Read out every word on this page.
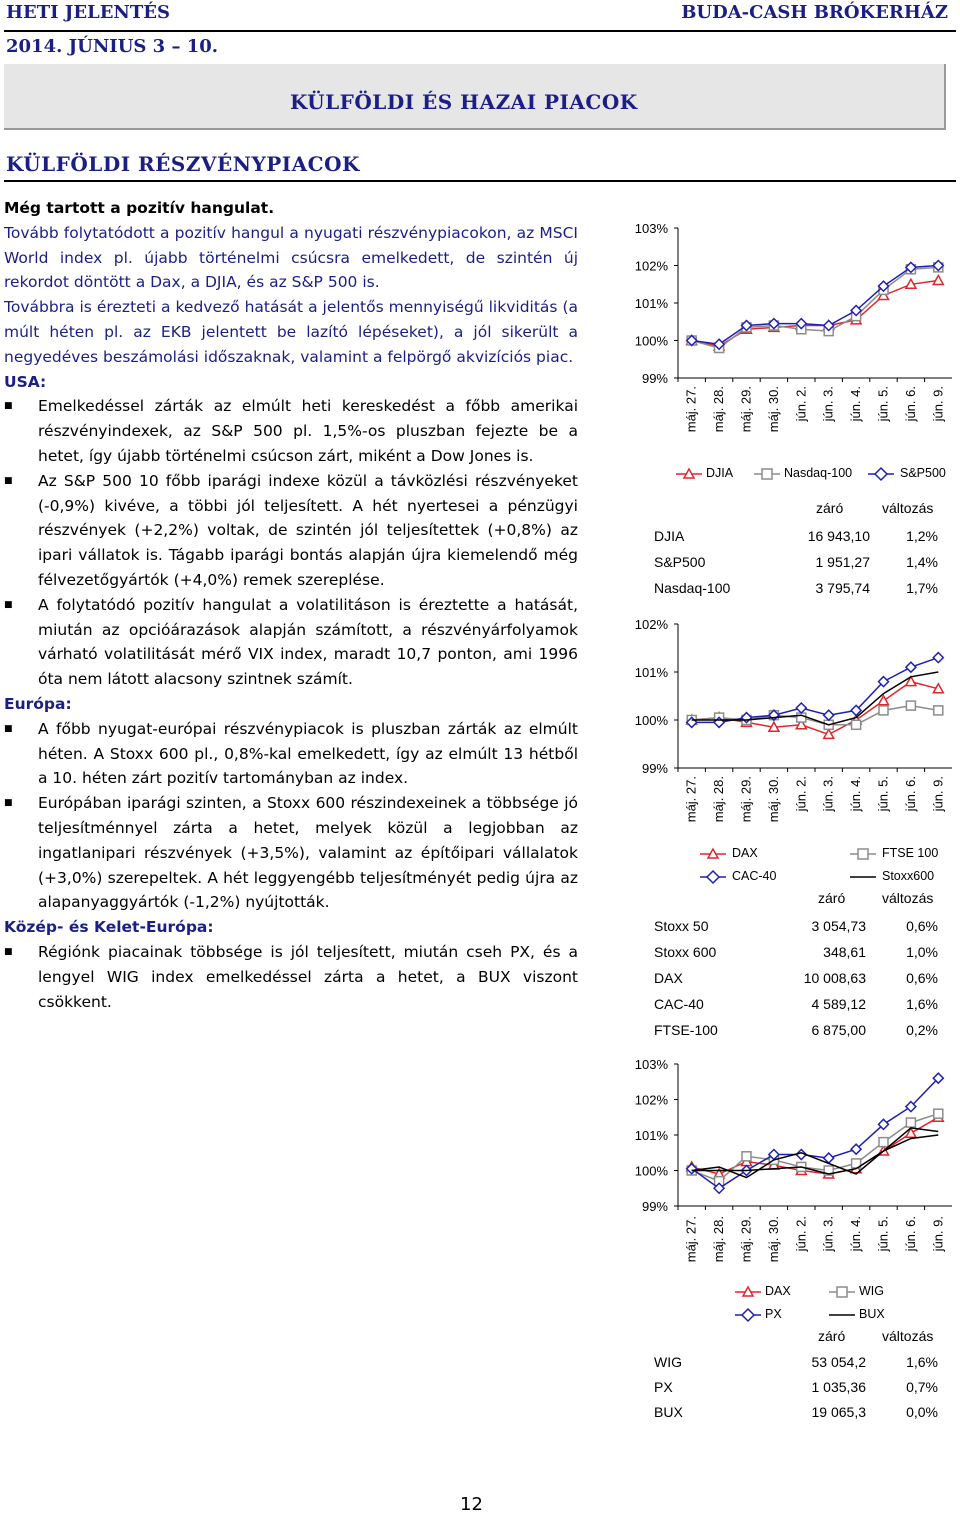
HETI JELENTÉS	BUDA-CASH BRÓKERHÁZ
2014. JÚNIUS 3 – 10.
KÜLFÖLDI ÉS HAZAI PIACOK
KÜLFÖLDI RÉSZVÉNYPIACOK

Még tartott a pozitív hangulat.

Tovább folytatódott a pozitív hangul a nyugati részvénypiacokon, az MSCI World index pl. újabb történelmi csúcsra emelkedett, de szintén új rekordot döntött a Dax, a DJIA, és az S&P 500 is.

Továbbra is érezteti a kedvező hatását a jelentős mennyiségű likviditás (a múlt héten pl. az EKB jelentett be lazító lépéseket), a jól sikerült a negyedéves beszámolási időszaknak, valamint a felpörgő akvizíciós piac.

USA:

■ Emelkedéssel zárták az elmúlt heti kereskedést a főbb amerikai részvényindexek, az S&P 500 pl. 1,5%-os pluszban fejezte be a hetet, így újabb történelmi csúcson zárt, miként a Dow Jones is.

■ Az S&P 500 10 főbb iparági indexe közül a távközlési részvényeket (-0,9%) kivéve, a többi jól teljesített. A hét nyertesei a pénzügyi részvények (+2,2%) voltak, de szintén jól teljesítettek (+0,8%) az ipari vállatok is. Tágabb iparági bontás alapján újra kiemelendő még félvezetőgyártók (+4,0%) remek szereplése.

■ A folytatódó pozitív hangulat a volatilitáson is éreztette a hatását, miután az opcióárazások alapján számított, a részvényárfolyamok várható volatilitását mérő VIX index, maradt 10,7 ponton, ami 1996 óta nem látott alacsony szintnek számít.

Európa:

■ A főbb nyugat-európai részvénypiacok is pluszban zárták az elmúlt héten. A Stoxx 600 pl., 0,8%-kal emelkedett, így az elmúlt 13 hétből a 10. héten zárt pozitív tartományban az index.

■ Európában iparági szinten, a Stoxx 600 részindexeinek a többsége jó teljesítménnyel zárta a hetet, melyek közül a legjobban az ingatlanipari részvények (+3,5%), valamint az építőipari vállalatok (+3,0%) szerepeltek. A hét leggyengébb teljesítményét pedig újra az alapanyaggyártók (-1,2%) nyújtották.

Közép- és Kelet-Európa:

■ Régiónk piacainak többsége is jól teljesített, miután cseh PX, és a lengyel WIG index emelkedéssel zárta a hetet, a BUX viszont csökkent.

99%
100%
101%
102%
103%
máj. 27. máj. 28. máj. 29. máj. 30. jún. 2. jún. 3. jún. 4. jún. 5. jún. 6. jún. 9.
DJIA	Nasdaq-100	S&P500
záró	változás
DJIA	16 943,10	1,2%
S&P500	1 951,27	1,4%
Nasdaq-100	3 795,74	1,7%
99%
100%
101%
102%
máj. 27. máj. 28. máj. 29. máj. 30. jún. 2. jún. 3. jún. 4. jún. 5. jún. 6. jún. 9.
DAX	FTSE 100
CAC-40	Stoxx600
záró	változás
Stoxx 50	3 054,73	0,6%
Stoxx 600	348,61	1,0%
DAX	10 008,63	0,6%
CAC-40	4 589,12	1,6%
FTSE-100	6 875,00	0,2%
99%
100%
101%
102%
103%
máj. 27. máj. 28. máj. 29. máj. 30. jún. 2. jún. 3. jún. 4. jún. 5. jún. 6. jún. 9.
DAX	WIG
PX	BUX
záró	változás
WIG	53 054,2	1,6%
PX	1 035,36	0,7%
BUX	19 065,3	0,0%
12
